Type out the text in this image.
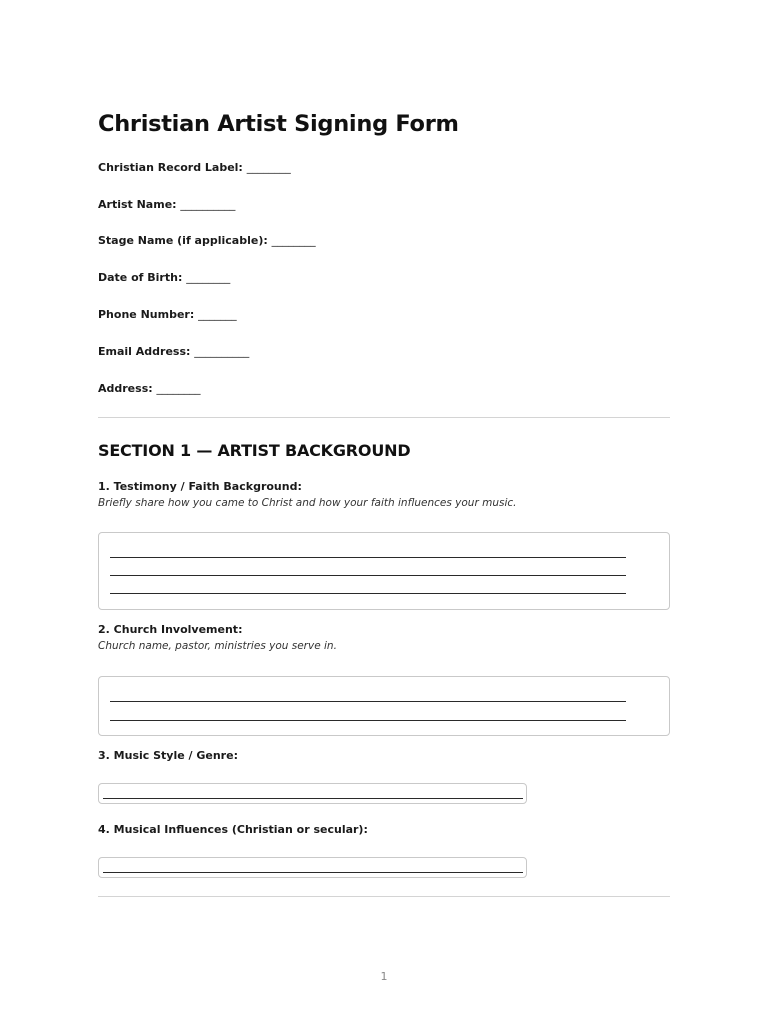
Christian Artist Signing Form
Christian Record Label: ________
Artist Name: __________
Stage Name (if applicable): ________
Date of Birth: ________
Phone Number: _______
Email Address: __________
Address: ________
SECTION 1 — ARTIST BACKGROUND
1. Testimony / Faith Background:
Briefly share how you came to Christ and how your faith influences your music.
2. Church Involvement:
Church name, pastor, ministries you serve in.
3. Music Style / Genre:
4. Musical Influences (Christian or secular):
1
